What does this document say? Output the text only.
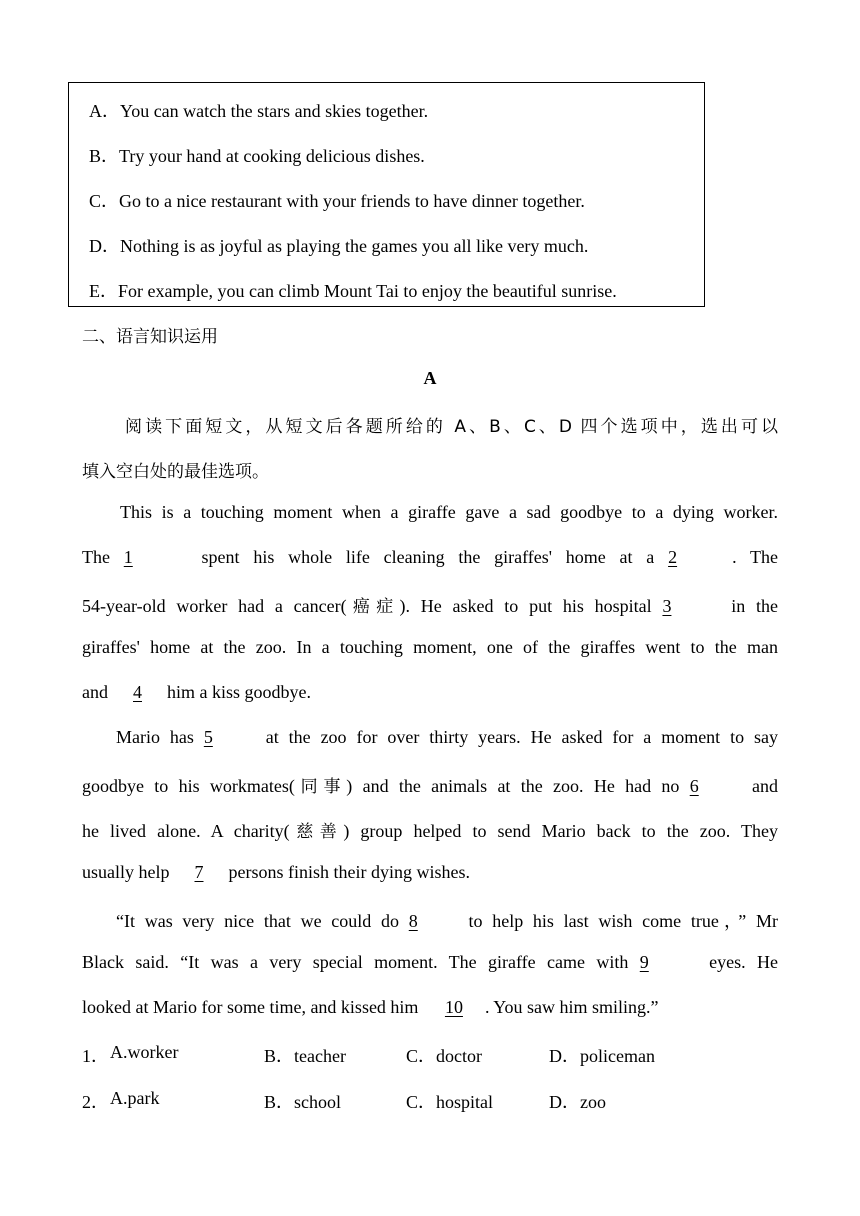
A．You can watch the stars and skies together.
B．Try your hand at cooking delicious dishes.
C．Go to a nice restaurant with your friends to have dinner together.
D．Nothing is as joyful as playing the games you all like very much.
E．For example, you can climb Mount Tai to enjoy the beautiful sunrise.
二、语言知识运用
A
阅读下面短文，从短文后各题所给的 A、B、C、D 四个选项中，选出可以
填入空白处的最佳选项。
This is a touching moment when a giraffe gave a sad goodbye to a dying worker.
The 1	spent his whole life cleaning the giraffes' home at a 2	. The
54-year-old worker had a cancer(癌症). He asked to put his hospital 3	in the
giraffes' home at the zoo. In a touching moment, one of the giraffes went to the man
and 4 him a kiss goodbye.
Mario has 5	at the zoo for over thirty years. He asked for a moment to say
goodbye to his workmates(同事) and the animals at the zoo. He had no 6	and
he lived alone. A charity(慈善) group helped to send Mario back to the zoo. They
usually help 7 persons finish their dying wishes.
“It was very nice that we could do 8	to help his last wish come true，” Mr
Black said. “It was a very special moment. The giraffe came with 9	eyes. He
looked at Mario for some time, and kissed him 10 . You saw him smiling.”
1． A.worker	B．teacher	C．doctor	D．policeman
2． A.park	B．school	C．hospital	D．zoo
